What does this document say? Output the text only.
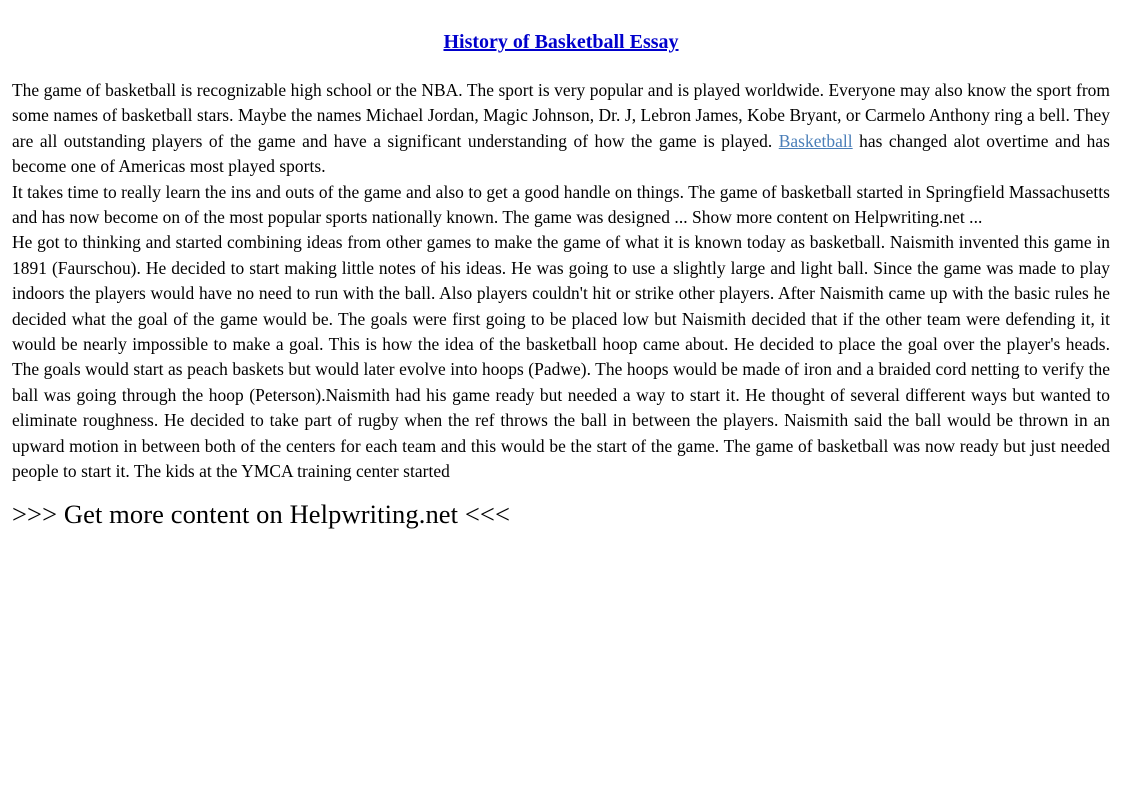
History of Basketball Essay

The game of basketball is recognizable high school or the NBA. The sport is very popular and is played worldwide. Everyone may also know the sport from some names of basketball stars. Maybe the names Michael Jordan, Magic Johnson, Dr. J, Lebron James, Kobe Bryant, or Carmelo Anthony ring a bell. They are all outstanding players of the game and have a significant understanding of how the game is played. Basketball has changed alot overtime and has become one of Americas most played sports.

It takes time to really learn the ins and outs of the game and also to get a good handle on things. The game of basketball started in Springfield Massachusetts and has now become on of the most popular sports nationally known. The game was designed ... Show more content on Helpwriting.net ...

He got to thinking and started combining ideas from other games to make the game of what it is known today as basketball. Naismith invented this game in 1891 (Faurschou). He decided to start making little notes of his ideas. He was going to use a slightly large and light ball. Since the game was made to play indoors the players would have no need to run with the ball. Also players couldn't hit or strike other players. After Naismith came up with the basic rules he decided what the goal of the game would be. The goals were first going to be placed low but Naismith decided that if the other team were defending it, it would be nearly impossible to make a goal. This is how the idea of the basketball hoop came about. He decided to place the goal over the player's heads. The goals would start as peach baskets but would later evolve into hoops (Padwe). The hoops would be made of iron and a braided cord netting to verify the ball was going through the hoop (Peterson).Naismith had his game ready but needed a way to start it. He thought of several different ways but wanted to eliminate roughness. He decided to take part of rugby when the ref throws the ball in between the players. Naismith said the ball would be thrown in an upward motion in between both of the centers for each team and this would be the start of the game. The game of basketball was now ready but just needed people to start it. The kids at the YMCA training center started

>>> Get more content on Helpwriting.net <<<
